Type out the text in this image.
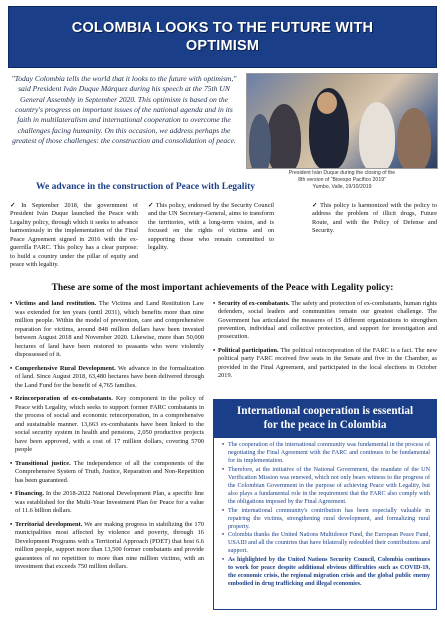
COLOMBIA LOOKS TO THE FUTURE WITH
OPTIMISM
"Today Colombia tells the world that it looks to the future with optimism," said President Iván Duque Márquez during his speech at the 75th UN General Assembly in September 2020. This optimism is based on the country's progress on important issues of the national agenda and in its faith in multilateralism and international cooperation to overcome the challenges facing humanity. On this occasion, we address perhaps the greatest of those challenges: the construction and consolidation of peace.
President Iván Duque during the closing of the
8th version of “Bioexpo Pacífico 2019”
Yumbo, Valle, 19/10/2019
We advance in the construction of Peace with Legality
✓ In September 2018, the government of President Iván Duque launched the Peace with Legality policy, through which it seeks to advance harmoniously in the implementation of the Final Peace Agreement signed in 2016 with the ex- guerrilla FARC. This policy has a clear purpose: to build a country under the pillar of equity and peace with legality.
✓ This policy, endorsed by the Security Council and the UN Secretary-General, aims to transform the territories, with a long-term vision, and is focused on the rights of victims and on supporting those who remain committed to legality.
✓ This policy is harmonized with the policy to address the problem of illicit drugs, Future Route, and with the Policy of Defense and Security.
These are some of the most important achievements of the Peace with Legality policy:
• Victims and land restitution. The Victims and Land Restitution Law was extended for ten years (until 2031), which benefits more than nine million people. Within the model of prevention, care and comprehensive reparation for victims, around 848 million dollars have been invested between August 2018 and November 2020. Likewise, more than 50,000 hectares of land have been restored to peasants who were violently dispossessed of it.
• Comprehensive Rural Development. We advance in the formalization of land. Since August 2018, 63,480 hectares have been delivered through the Land Fund for the benefit of 4,765 families.
• Reincorporation of ex-combatants. Key component in the policy of Peace with Legality, which seeks to support former FARC combatants in the process of social and economic reincorporation, in a comprehensive and sustainable manner. 13,663 ex-combatants have been linked to the social security system in health and pensions, 2,050 productive projects have been approved, with a cost of 17 million dollars, covering 5700 people
• Transitional justice. The independence of all the components of the Comprehensive System of Truth, Justice, Reparation and Non-Repetition has been guaranteed.
• Financing. In the 2018-2022 National Development Plan, a specific line was established for the Multi-Year Investment Plan for Peace for a value of 11.6 billion dollars.
• Territorial development. We are making progress in stabilizing the 170 municipalities most affected by violence and poverty, through 16 Development Programs with a Territorial Approach (PDET) that host 6.6 million people, support more than 13,500 former combatants and provide guarantees of no repetition to more than nine million victims, with an investment that exceeds 750 million dollars.
• Security of ex-combatants. The safety and protection of ex-combatants, human rights defenders, social leaders and communities remain our greatest challenge. The Government has articulated the measures of 15 different organizations to strengthen prevention, individual and collective protection, and support for investigation and prosecution.
• Political participation. The political reincorporation of the FARC is a fact. The new political party FARC received five seats in the Senate and five in the Chamber, as provided in the Final Agreement, and participated in the local elections in October 2019.
International cooperation is essential
for the peace in Colombia
• The cooperation of the international community was fundamental in the process of negotiating the Final Agreement with the FARC and continues to be fundamental for its implementation.
• Therefore, at the initiative of the National Government, the mandate of the UN Verification Mission was renewed, which not only bears witness to the progress of the Colombian Government in the purpose of achieving Peace with Legality, but also plays a fundamental role in the requirement that the FARC also comply with the obligations imposed by the Final Agreement.
• The international community's contribution has been especially valuable in repairing the victims, strengthening rural development, and formalizing rural property.
• Colombia thanks the United Nations Multidonor Fund, the European Peace Fund, USAID and all the countries that have bilaterally redoubled their contributions and support.
• As highlighted by the United Nations Security Council, Colombia continues to work for peace despite additional obvious difficulties such as COVID-19, the economic crisis, the regional migration crisis and the global public enemy embodied in drug trafficking and illegal economies.
